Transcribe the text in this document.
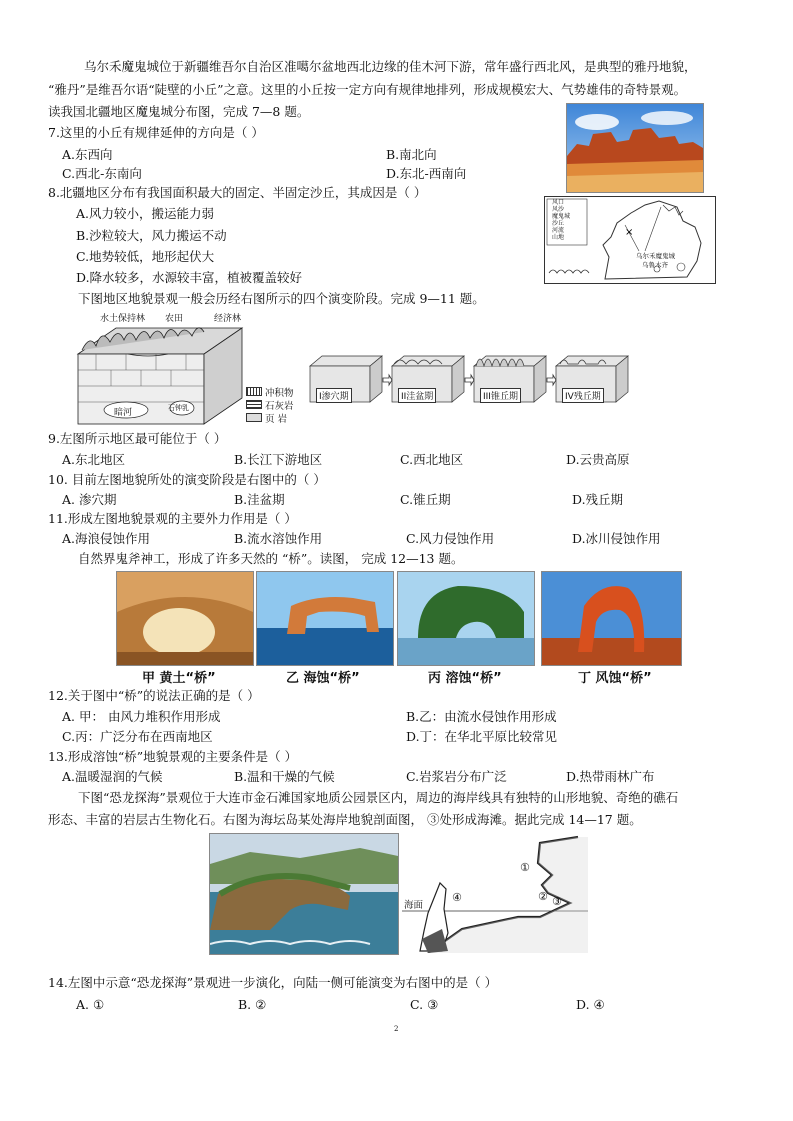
乌尔禾魔鬼城位于新疆维吾尔自治区准噶尔盆地西北边缘的佳木河下游，常年盛行西北风，是典型的雅丹地貌，
“雅丹”是维吾尔语“陡壁的小丘”之意。这里的小丘按一定方向有规律地排列，形成规模宏大、气势雄伟的奇特景观。
读我国北疆地区魔鬼城分布图，完成 7—8 题。
7.这里的小丘有规律延伸的方向是（ ）
A.东西向	B.南北向
C.西北-东南向	D.东北-西南向
8.北疆地区分布有我国面积最大的固定、半固定沙丘，其成因是（ ）
A.风力较小，搬运能力弱
B.沙粒较大，风力搬运不动
C.地势较低，地形起伏大
D.降水较多，水源较丰富，植被覆盖较好
×
风口
风沙
魔鬼城
沙丘
河流
山地
乌尔禾魔鬼城
乌鲁木齐
下图地区地貌景观一般会历经右图所示的四个演变阶段。完成 9—11 题。
水土保持林 农田	经济林
暗河	石钟乳
冲积物
石灰岩
页 岩
I渗穴期	II洼盆期	III锥丘期	IV残丘期
9.左图所示地区最可能位于（ ）
A.东北地区	B.长江下游地区	C.西北地区	D.云贵高原
10. 目前左图地貌所处的演变阶段是右图中的（ ）
A. 渗穴期	B.洼盆期	C.锥丘期	D.残丘期
11.形成左图地貌景观的主要外力作用是（ ）
A.海浪侵蚀作用	B.流水溶蚀作用	C.风力侵蚀作用	D.冰川侵蚀作用
自然界鬼斧神工，形成了许多天然的 “桥”。读图， 完成 12—13 题。
甲 黄土“桥”	乙 海蚀“桥”	丙 溶蚀“桥”	丁 风蚀“桥”
12.关于图中“桥”的说法正确的是（ ）
A. 甲： 由风力堆积作用形成	B.乙：由流水侵蚀作用形成
C.丙：广泛分布在西南地区	D.丁：在华北平原比较常见
13.形成溶蚀“桥”地貌景观的主要条件是（ ）
A.温暖湿润的气候	B.温和干燥的气候	C.岩浆岩分布广泛	D.热带雨林广布
下图“恐龙探海”景观位于大连市金石滩国家地质公园景区内，周边的海岸线具有独特的山形地貌、奇绝的礁石
形态、丰富的岩层古生物化石。右图为海坛岛某处海岸地貌剖面图， ③处形成海滩。据此完成 14—17 题。
海面
①
② ③
④
14.左图中示意“恐龙探海”景观进一步演化，向陆一侧可能演变为右图中的是（ ）
A. ①	B. ②	C. ③	D. ④
2
